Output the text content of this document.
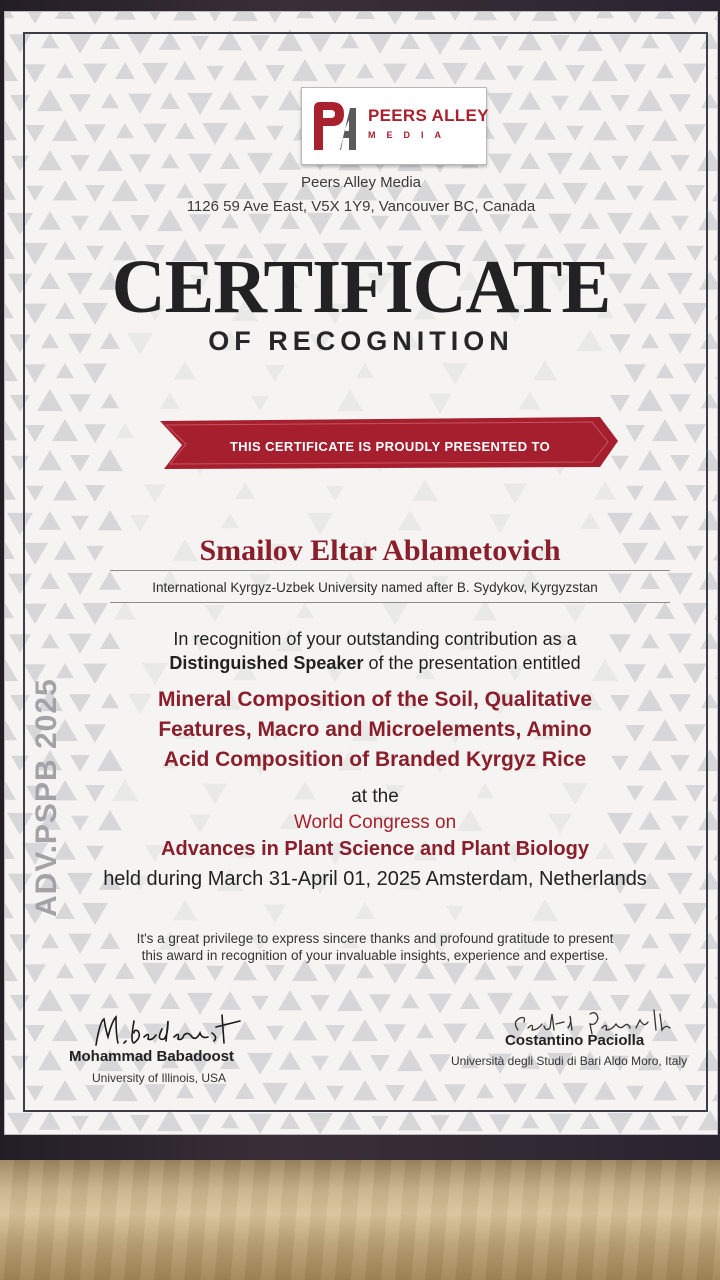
PEERS ALLEY
MEDIA
Peers Alley Media
1126 59 Ave East, V5X 1Y9, Vancouver BC, Canada
CERTIFICATE
OF RECOGNITION
THIS CERTIFICATE IS PROUDLY PRESENTED TO
ADV.PSPB 2025
Smailov Eltar Ablametovich
International Kyrgyz-Uzbek University named after B. Sydykov, Kyrgyzstan
In recognition of your outstanding contribution as a
Distinguished Speaker of the presentation entitled
Mineral Composition of the Soil, Qualitative
Features, Macro and Microelements, Amino
Acid Composition of Branded Kyrgyz Rice
at the
World Congress on
Advances in Plant Science and Plant Biology
held during March 31-April 01, 2025 Amsterdam, Netherlands
It's a great privilege to express sincere thanks and profound gratitude to present
this award in recognition of your invaluable insights, experience and expertise.
Mohammad Babadoost
University of Illinois, USA
Costantino Paciolla
Università degli Studi di Bari Aldo Moro, Italy
